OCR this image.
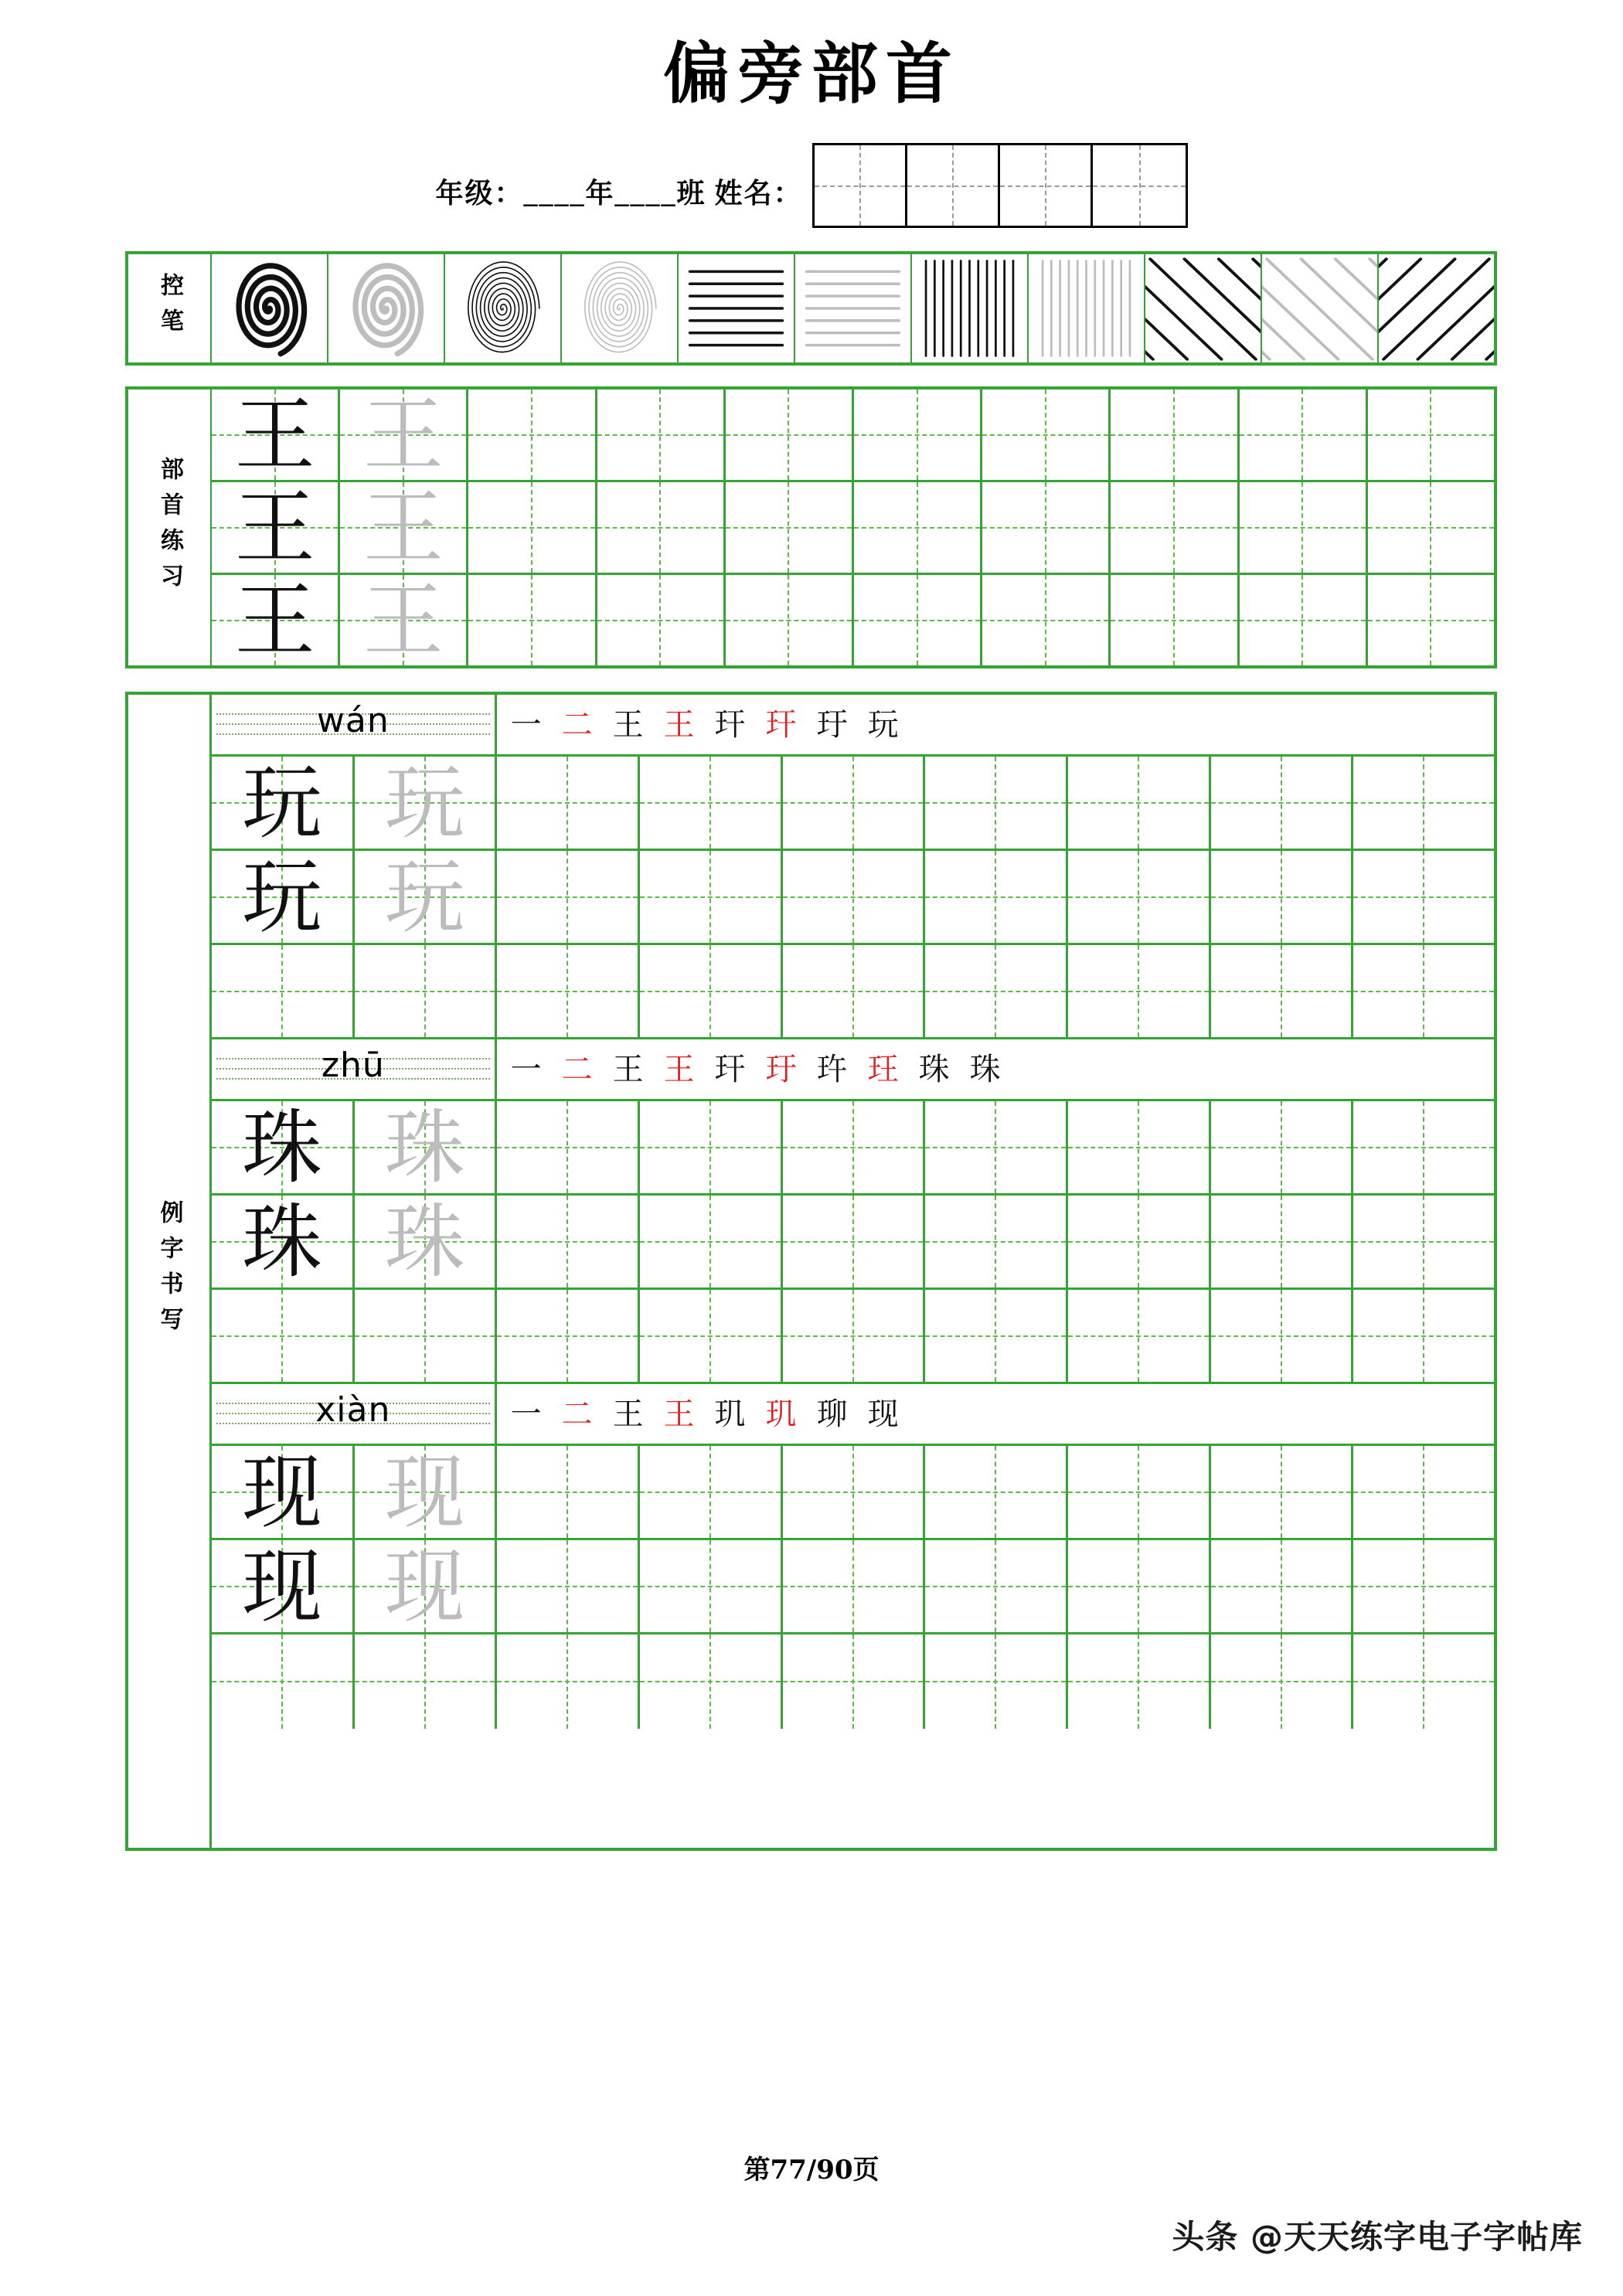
偏旁部首
年级：____年____班 姓名：
控笔
部首练习
王 王
王 王
王 王
例字书写
wán	一 二 王 王 玕 玕 玗 玩
玩 玩
玩 玩
zhū	一 二 王 王 玕 玗 玝 玨 珠 珠
珠 珠
珠 珠
xiàn	一 二 王 王 玑 玑 珋 现
现 现
现 现
第77/90页
头条 @天天练字电子字帖库
